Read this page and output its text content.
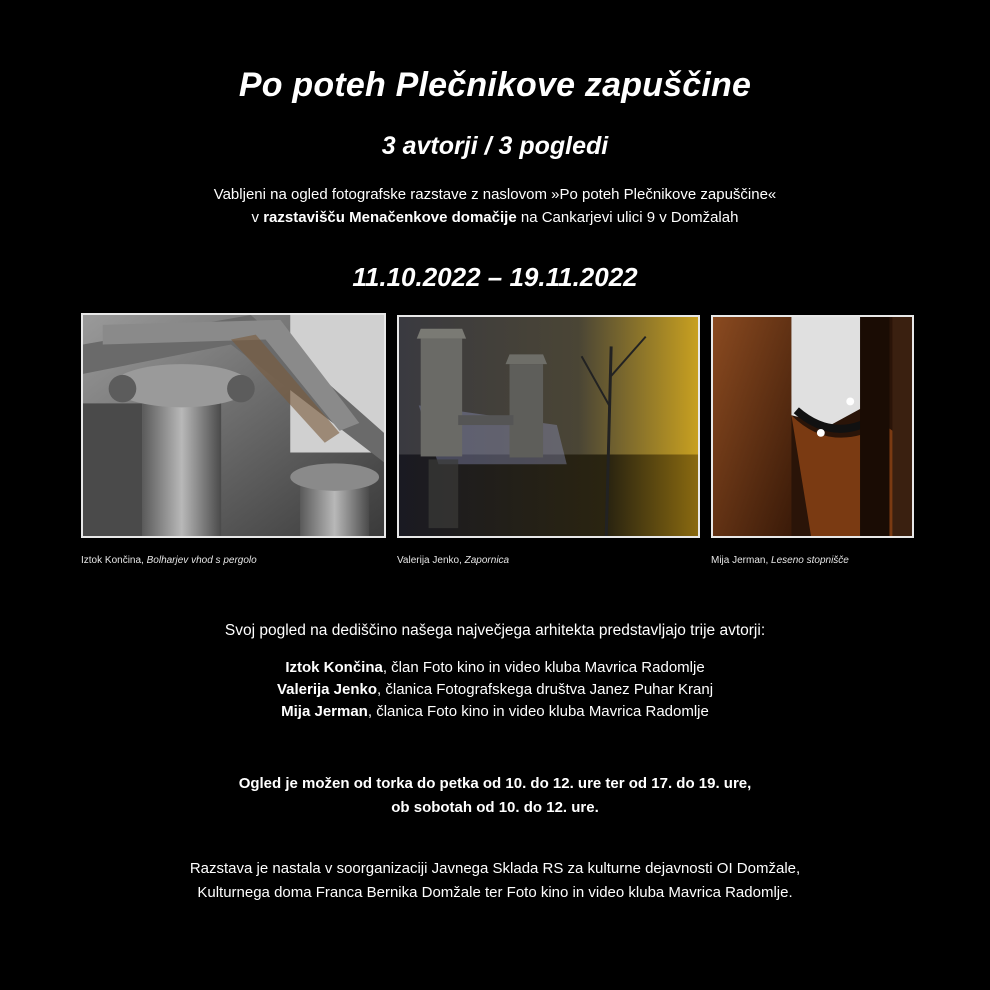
Po poteh Plečnikove zapuščine
3 avtorji / 3 pogledi
Vabljeni na ogled fotografske razstave z naslovom »Po poteh Plečnikove zapuščine«
v razstavišču Menačenkove domačije na Cankarjevi ulici 9 v Domžalah
11.10.2022 – 19.11.2022
Iztok Končina, Bolharjev vhod s pergolo	Valerija Jenko, Zapornica	Mija Jerman, Leseno stopnišče
Svoj pogled na dediščino našega največjega arhitekta predstavljajo trije avtorji:
Iztok Končina, član Foto kino in video kluba Mavrica Radomlje
Valerija Jenko, članica Fotografskega društva Janez Puhar Kranj
Mija Jerman, članica Foto kino in video kluba Mavrica Radomlje
Ogled je možen od torka do petka od 10. do 12. ure ter od 17. do 19. ure,
ob sobotah od 10. do 12. ure.
Razstava je nastala v soorganizaciji Javnega Sklada RS za kulturne dejavnosti OI Domžale,
Kulturnega doma Franca Bernika Domžale ter Foto kino in video kluba Mavrica Radomlje.
